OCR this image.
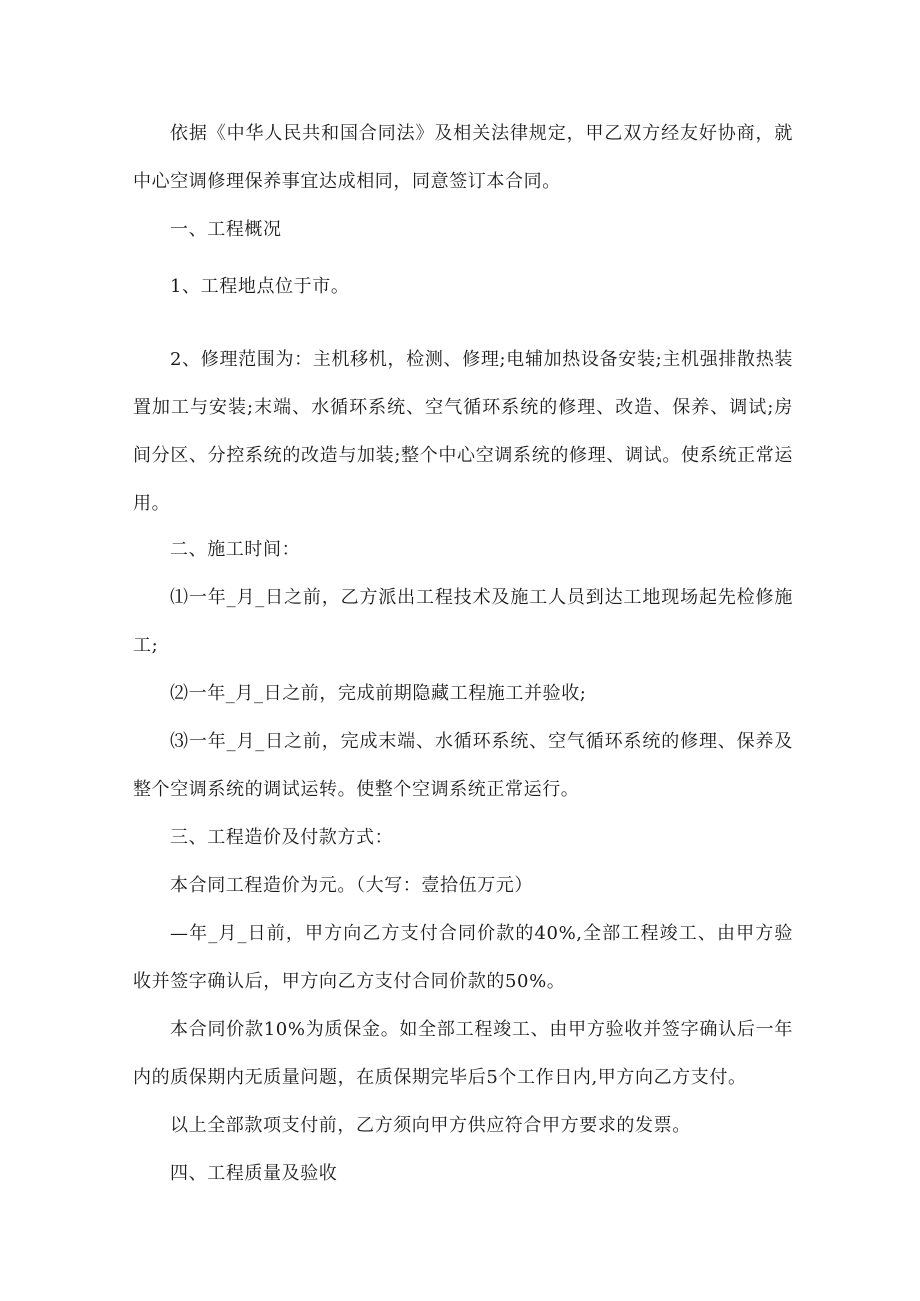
依据《中华人民共和国合同法》及相关法律规定，甲乙双方经友好协商，就中心空调修理保养事宜达成相同，同意签订本合同。

一、工程概况

1、工程地点位于市。

2、修理范围为：主机移机，检测、修理;电辅加热设备安装;主机强排散热装置加工与安装;末端、水循环系统、空气循环系统的修理、改造、保养、调试;房间分区、分控系统的改造与加装;整个中心空调系统的修理、调试。使系统正常运用。

二、施工时间：

⑴一年_月_日之前，乙方派出工程技术及施工人员到达工地现场起先检修施工;

⑵一年_月_日之前，完成前期隐藏工程施工并验收;

⑶一年_月_日之前，完成末端、水循环系统、空气循环系统的修理、保养及整个空调系统的调试运转。使整个空调系统正常运行。

三、工程造价及付款方式：

本合同工程造价为元。（大写：壹拾伍万元）

—年_月_日前，甲方向乙方支付合同价款的40%,全部工程竣工、由甲方验收并签字确认后，甲方向乙方支付合同价款的50%。

本合同价款10%为质保金。如全部工程竣工、由甲方验收并签字确认后一年内的质保期内无质量问题，在质保期完毕后5个工作日内,甲方向乙方支付。

以上全部款项支付前，乙方须向甲方供应符合甲方要求的发票。

四、工程质量及验收
